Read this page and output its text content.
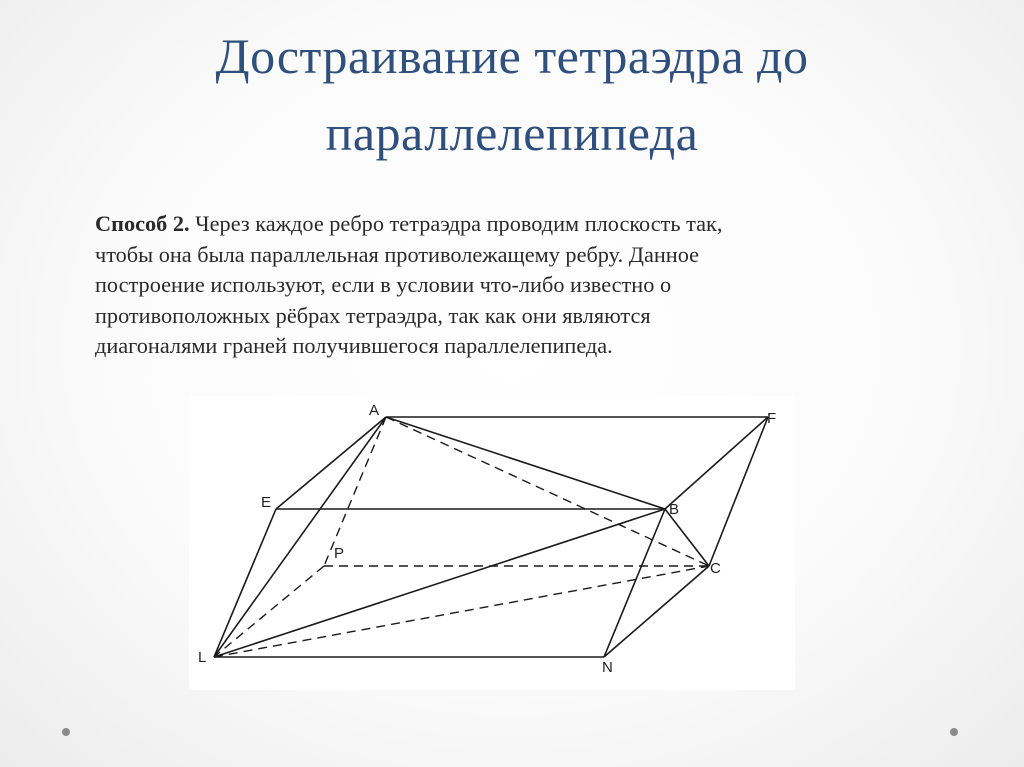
Достраивание тетраэдра до
параллелепипеда
Способ 2. Через каждое ребро тетраэдра проводим плоскость так,
чтобы она была параллельная противолежащему ребру. Данное
построение используют, если в условии что-либо известно о
противоположных рёбрах тетраэдра, так как они являются
диагоналями граней получившегося параллелепипеда.
A	F
E	B
P
C
L
N
